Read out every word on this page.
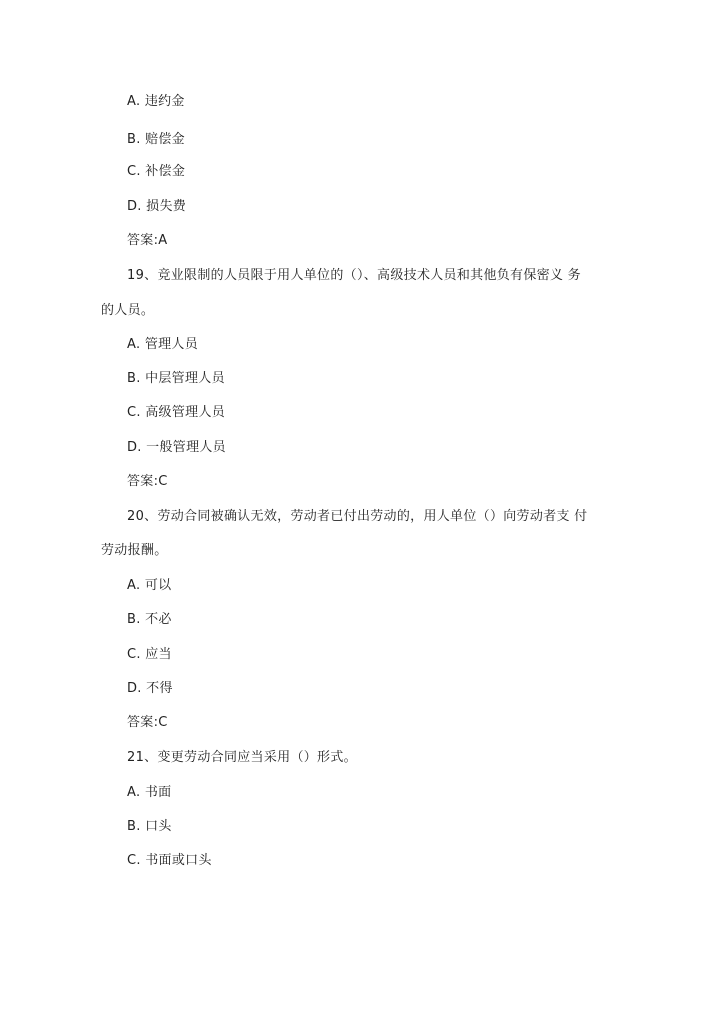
A. 违约金
B. 赔偿金
C. 补偿金
D. 损失费
答案:A
19、竞业限制的人员限于用人单位的（）、高级技术人员和其他负有保密义 务
的人员。
A. 管理人员
B. 中层管理人员
C. 高级管理人员
D. 一般管理人员
答案:C
20、劳动合同被确认无效，劳动者已付出劳动的，用人单位（）向劳动者支 付
劳动报酬。
A. 可以
B. 不必
C. 应当
D. 不得
答案:C
21、变更劳动合同应当采用（）形式。
A. 书面
B. 口头
C. 书面或口头
